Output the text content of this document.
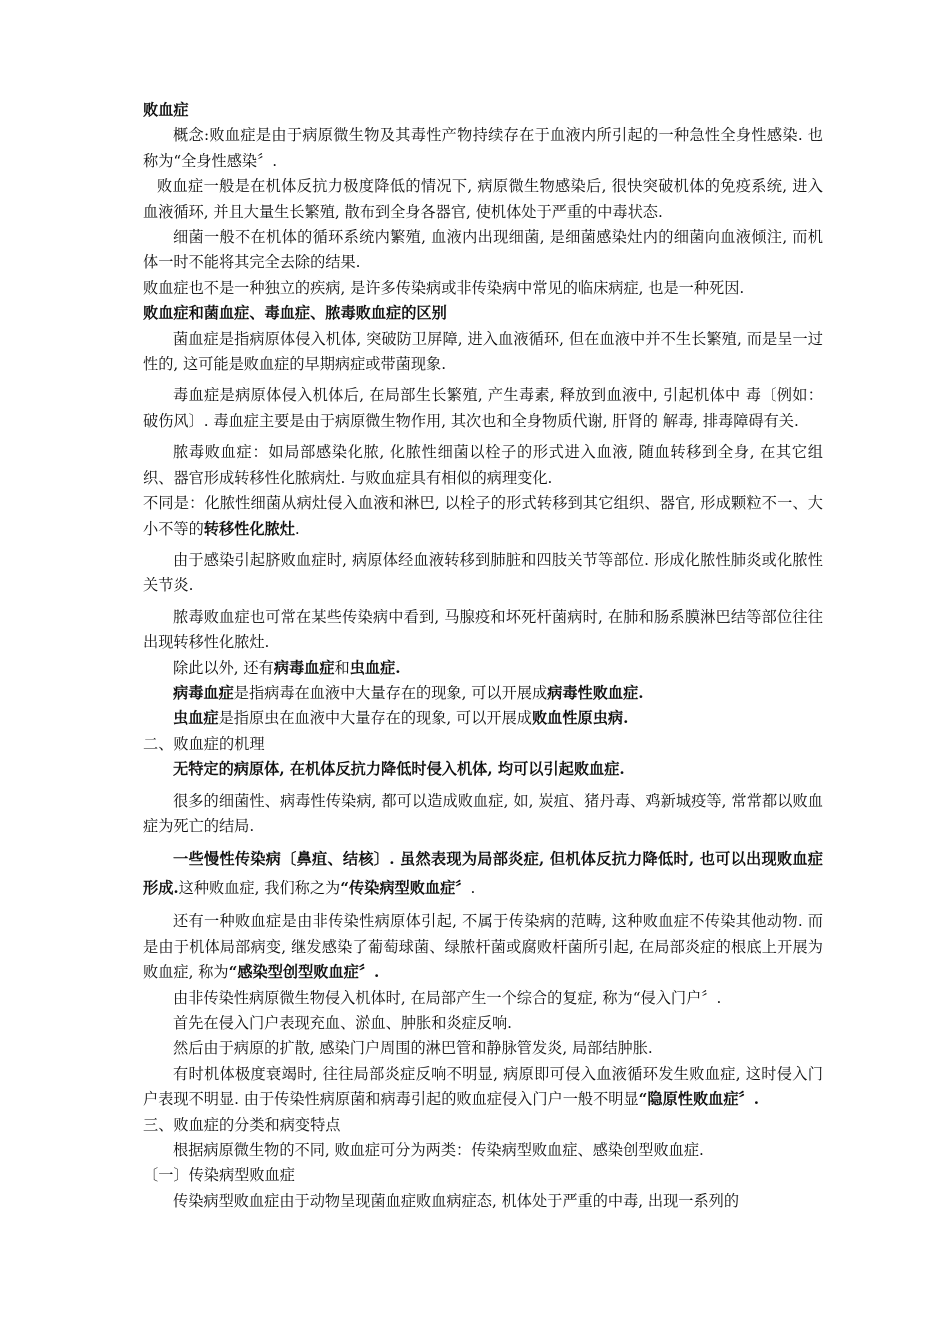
败血症

概念:败血症是由于病原微生物及其毒性产物持续存在于血液内所引起的一种急性全身性感染. 也称为“全身性感染〞.

败血症一般是在机体反抗力极度降低的情况下, 病原微生物感染后, 很快突破机体的免疫系统, 进入血液循环, 并且大量生长繁殖, 散布到全身各器官, 使机体处于严重的中毒状态.

细菌一般不在机体的循环系统内繁殖, 血液内出现细菌, 是细菌感染灶内的细菌向血液倾注, 而机体一时不能将其完全去除的结果.

败血症也不是一种独立的疾病, 是许多传染病或非传染病中常见的临床病症, 也是一种死因.

败血症和菌血症、毒血症、脓毒败血症的区别

菌血症是指病原体侵入机体, 突破防卫屏障, 进入血液循环, 但在血液中并不生长繁殖, 而是呈一过性的, 这可能是败血症的早期病症或带菌现象.

毒血症是病原体侵入机体后, 在局部生长繁殖, 产生毒素, 释放到血液中, 引起机体中 毒〔例如：破伤风〕. 毒血症主要是由于病原微生物作用, 其次也和全身物质代谢, 肝肾的 解毒, 排毒障碍有关.

脓毒败血症：如局部感染化脓, 化脓性细菌以栓子的形式进入血液, 随血转移到全身, 在其它组织、器官形成转移性化脓病灶. 与败血症具有相似的病理变化.

不同是：化脓性细菌从病灶侵入血液和淋巴, 以栓子的形式转移到其它组织、器官, 形成颗粒不一、大小不等的转移性化脓灶.

由于感染引起脐败血症时, 病原体经血液转移到肺脏和四肢关节等部位. 形成化脓性肺炎或化脓性关节炎.

脓毒败血症也可常在某些传染病中看到, 马腺疫和坏死杆菌病时, 在肺和肠系膜淋巴结等部位往往出现转移性化脓灶.

除此以外, 还有病毒血症和虫血症.

病毒血症是指病毒在血液中大量存在的现象, 可以开展成病毒性败血症.

虫血症是指原虫在血液中大量存在的现象, 可以开展成败血性原虫病.

二、败血症的机理

无特定的病原体, 在机体反抗力降低时侵入机体, 均可以引起败血症.

很多的细菌性、病毒性传染病, 都可以造成败血症, 如, 炭疽、猪丹毒、鸡新城疫等, 常常都以败血症为死亡的结局.

一些慢性传染病〔鼻疽、结核〕. 虽然表现为局部炎症, 但机体反抗力降低时, 也可以出现败血症形成.这种败血症, 我们称之为“传染病型败血症〞.

还有一种败血症是由非传染性病原体引起, 不属于传染病的范畴, 这种败血症不传染其他动物. 而是由于机体局部病变, 继发感染了葡萄球菌、绿脓杆菌或腐败杆菌所引起, 在局部炎症的根底上开展为败血症, 称为“感染型创型败血症〞.

由非传染性病原微生物侵入机体时, 在局部产生一个综合的复症, 称为“侵入门户〞.

首先在侵入门户表现充血、淤血、肿胀和炎症反响.

然后由于病原的扩散, 感染门户周围的淋巴管和静脉管发炎, 局部结肿胀.

有时机体极度衰竭时, 往往局部炎症反响不明显, 病原即可侵入血液循环发生败血症, 这时侵入门户表现不明显. 由于传染性病原菌和病毒引起的败血症侵入门户一般不明显“隐原性败血症〞.

三、败血症的分类和病变特点

根据病原微生物的不同, 败血症可分为两类：传染病型败血症、感染创型败血症.

〔一〕传染病型败血症

传染病型败血症由于动物呈现菌血症败血病症态, 机体处于严重的中毒, 出现一系列的
